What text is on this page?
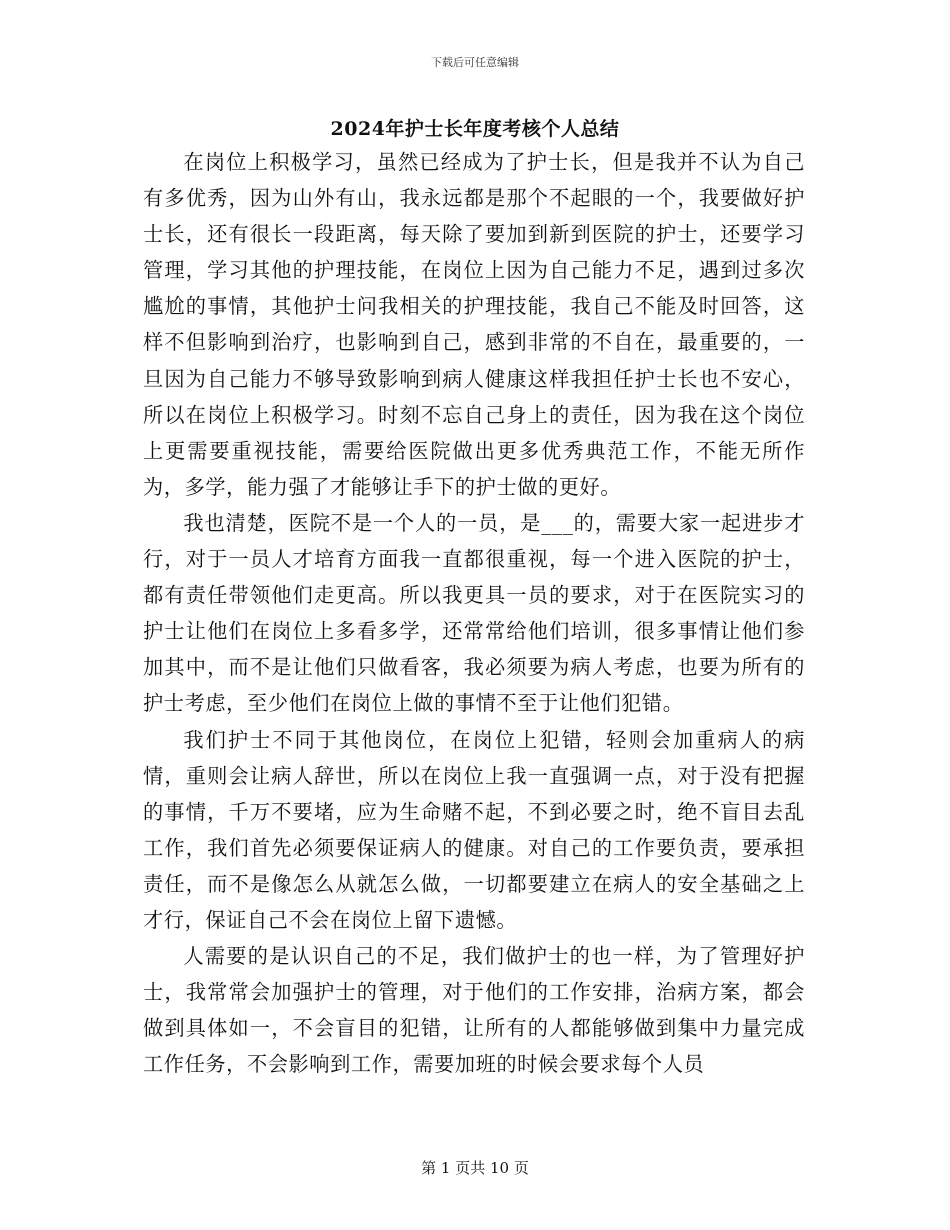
下载后可任意编辑
2024年护士长年度考核个人总结

在岗位上积极学习，虽然已经成为了护士长，但是我并不认为自己有多优秀，因为山外有山，我永远都是那个不起眼的一个，我要做好护士长，还有很长一段距离，每天除了要加到新到医院的护士，还要学习管理，学习其他的护理技能，在岗位上因为自己能力不足，遇到过多次尴尬的事情，其他护士问我相关的护理技能，我自己不能及时回答，这样不但影响到治疗，也影响到自己，感到非常的不自在，最重要的，一旦因为自己能力不够导致影响到病人健康这样我担任护士长也不安心，所以在岗位上积极学习。时刻不忘自己身上的责任，因为我在这个岗位上更需要重视技能，需要给医院做出更多优秀典范工作，不能无所作为，多学，能力强了才能够让手下的护士做的更好。

我也清楚，医院不是一个人的一员，是___的，需要大家一起进步才行，对于一员人才培育方面我一直都很重视，每一个进入医院的护士，都有责任带领他们走更高。所以我更具一员的要求，对于在医院实习的护士让他们在岗位上多看多学，还常常给他们培训，很多事情让他们参加其中，而不是让他们只做看客，我必须要为病人考虑，也要为所有的护士考虑，至少他们在岗位上做的事情不至于让他们犯错。

我们护士不同于其他岗位，在岗位上犯错，轻则会加重病人的病情，重则会让病人辞世，所以在岗位上我一直强调一点，对于没有把握的事情，千万不要堵，应为生命赌不起，不到必要之时，绝不盲目去乱工作，我们首先必须要保证病人的健康。对自己的工作要负责，要承担责任，而不是像怎么从就怎么做，一切都要建立在病人的安全基础之上才行，保证自己不会在岗位上留下遗憾。

人需要的是认识自己的不足，我们做护士的也一样，为了管理好护士，我常常会加强护士的管理，对于他们的工作安排，治病方案，都会做到具体如一，不会盲目的犯错，让所有的人都能够做到集中力量完成工作任务，不会影响到工作，需要加班的时候会要求每个人员

第 1 页共 10 页
